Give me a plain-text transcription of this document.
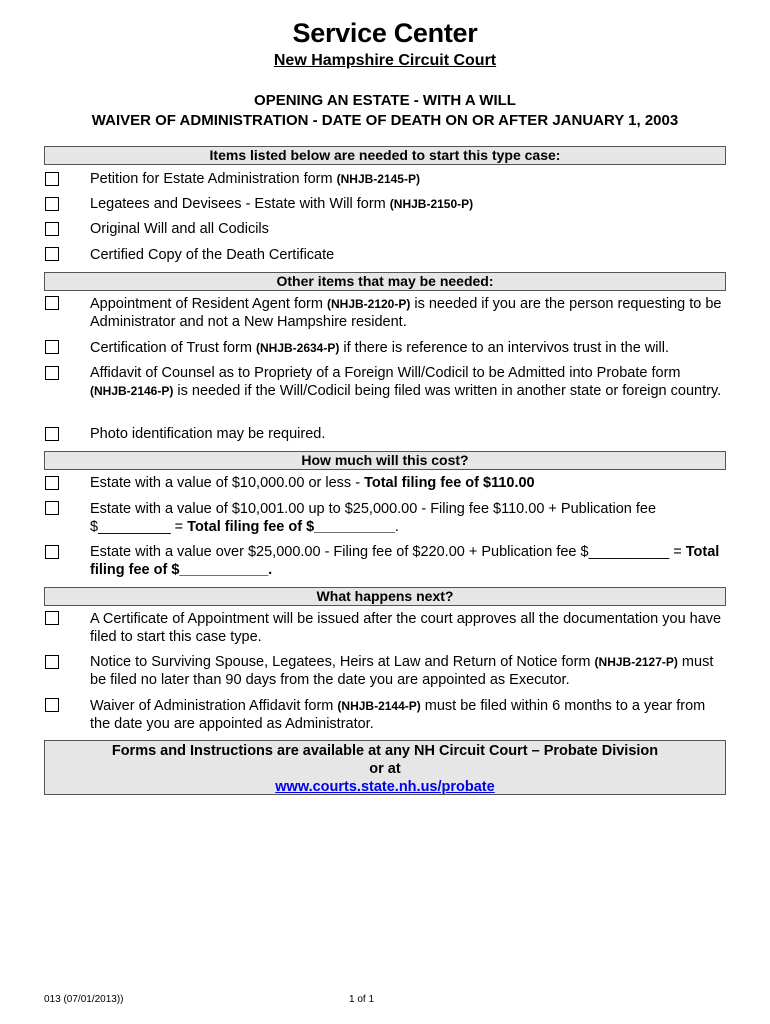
Service Center
New Hampshire Circuit Court
OPENING AN ESTATE - WITH A WILL
WAIVER OF ADMINISTRATION - DATE OF DEATH ON OR AFTER JANUARY 1, 2003
Items listed below are needed to start this type case:
Petition for Estate Administration form (NHJB-2145-P)
Legatees and Devisees - Estate with Will form (NHJB-2150-P)
Original Will and all Codicils
Certified Copy of the Death Certificate
Other items that may be needed:
Appointment of Resident Agent form (NHJB-2120-P) is needed if you are the person requesting to be Administrator and not a New Hampshire resident.
Certification of Trust form (NHJB-2634-P) if there is reference to an intervivos trust in the will.
Affidavit of Counsel as to Propriety of a Foreign Will/Codicil to be Admitted into Probate form (NHJB-2146-P) is needed if the Will/Codicil being filed was written in another state or foreign country.
Photo identification may be required.
How much will this cost?
Estate with a value of $10,000.00 or less - Total filing fee of $110.00
Estate with a value of $10,001.00 up to $25,000.00 - Filing fee $110.00 + Publication fee $_________ = Total filing fee of $__________.
Estate with a value over $25,000.00 - Filing fee of $220.00 + Publication fee $__________ = Total filing fee of $___________.
What happens next?
A Certificate of Appointment will be issued after the court approves all the documentation you have filed to start this case type.
Notice to Surviving Spouse, Legatees, Heirs at Law and Return of Notice form (NHJB-2127-P) must be filed no later than 90 days from the date you are appointed as Executor.
Waiver of Administration Affidavit form (NHJB-2144-P) must be filed within 6 months to a year from the date you are appointed as Administrator.
Forms and Instructions are available at any NH Circuit Court – Probate Division
or at
www.courts.state.nh.us/probate
013 (07/01/2013))	1 of 1
